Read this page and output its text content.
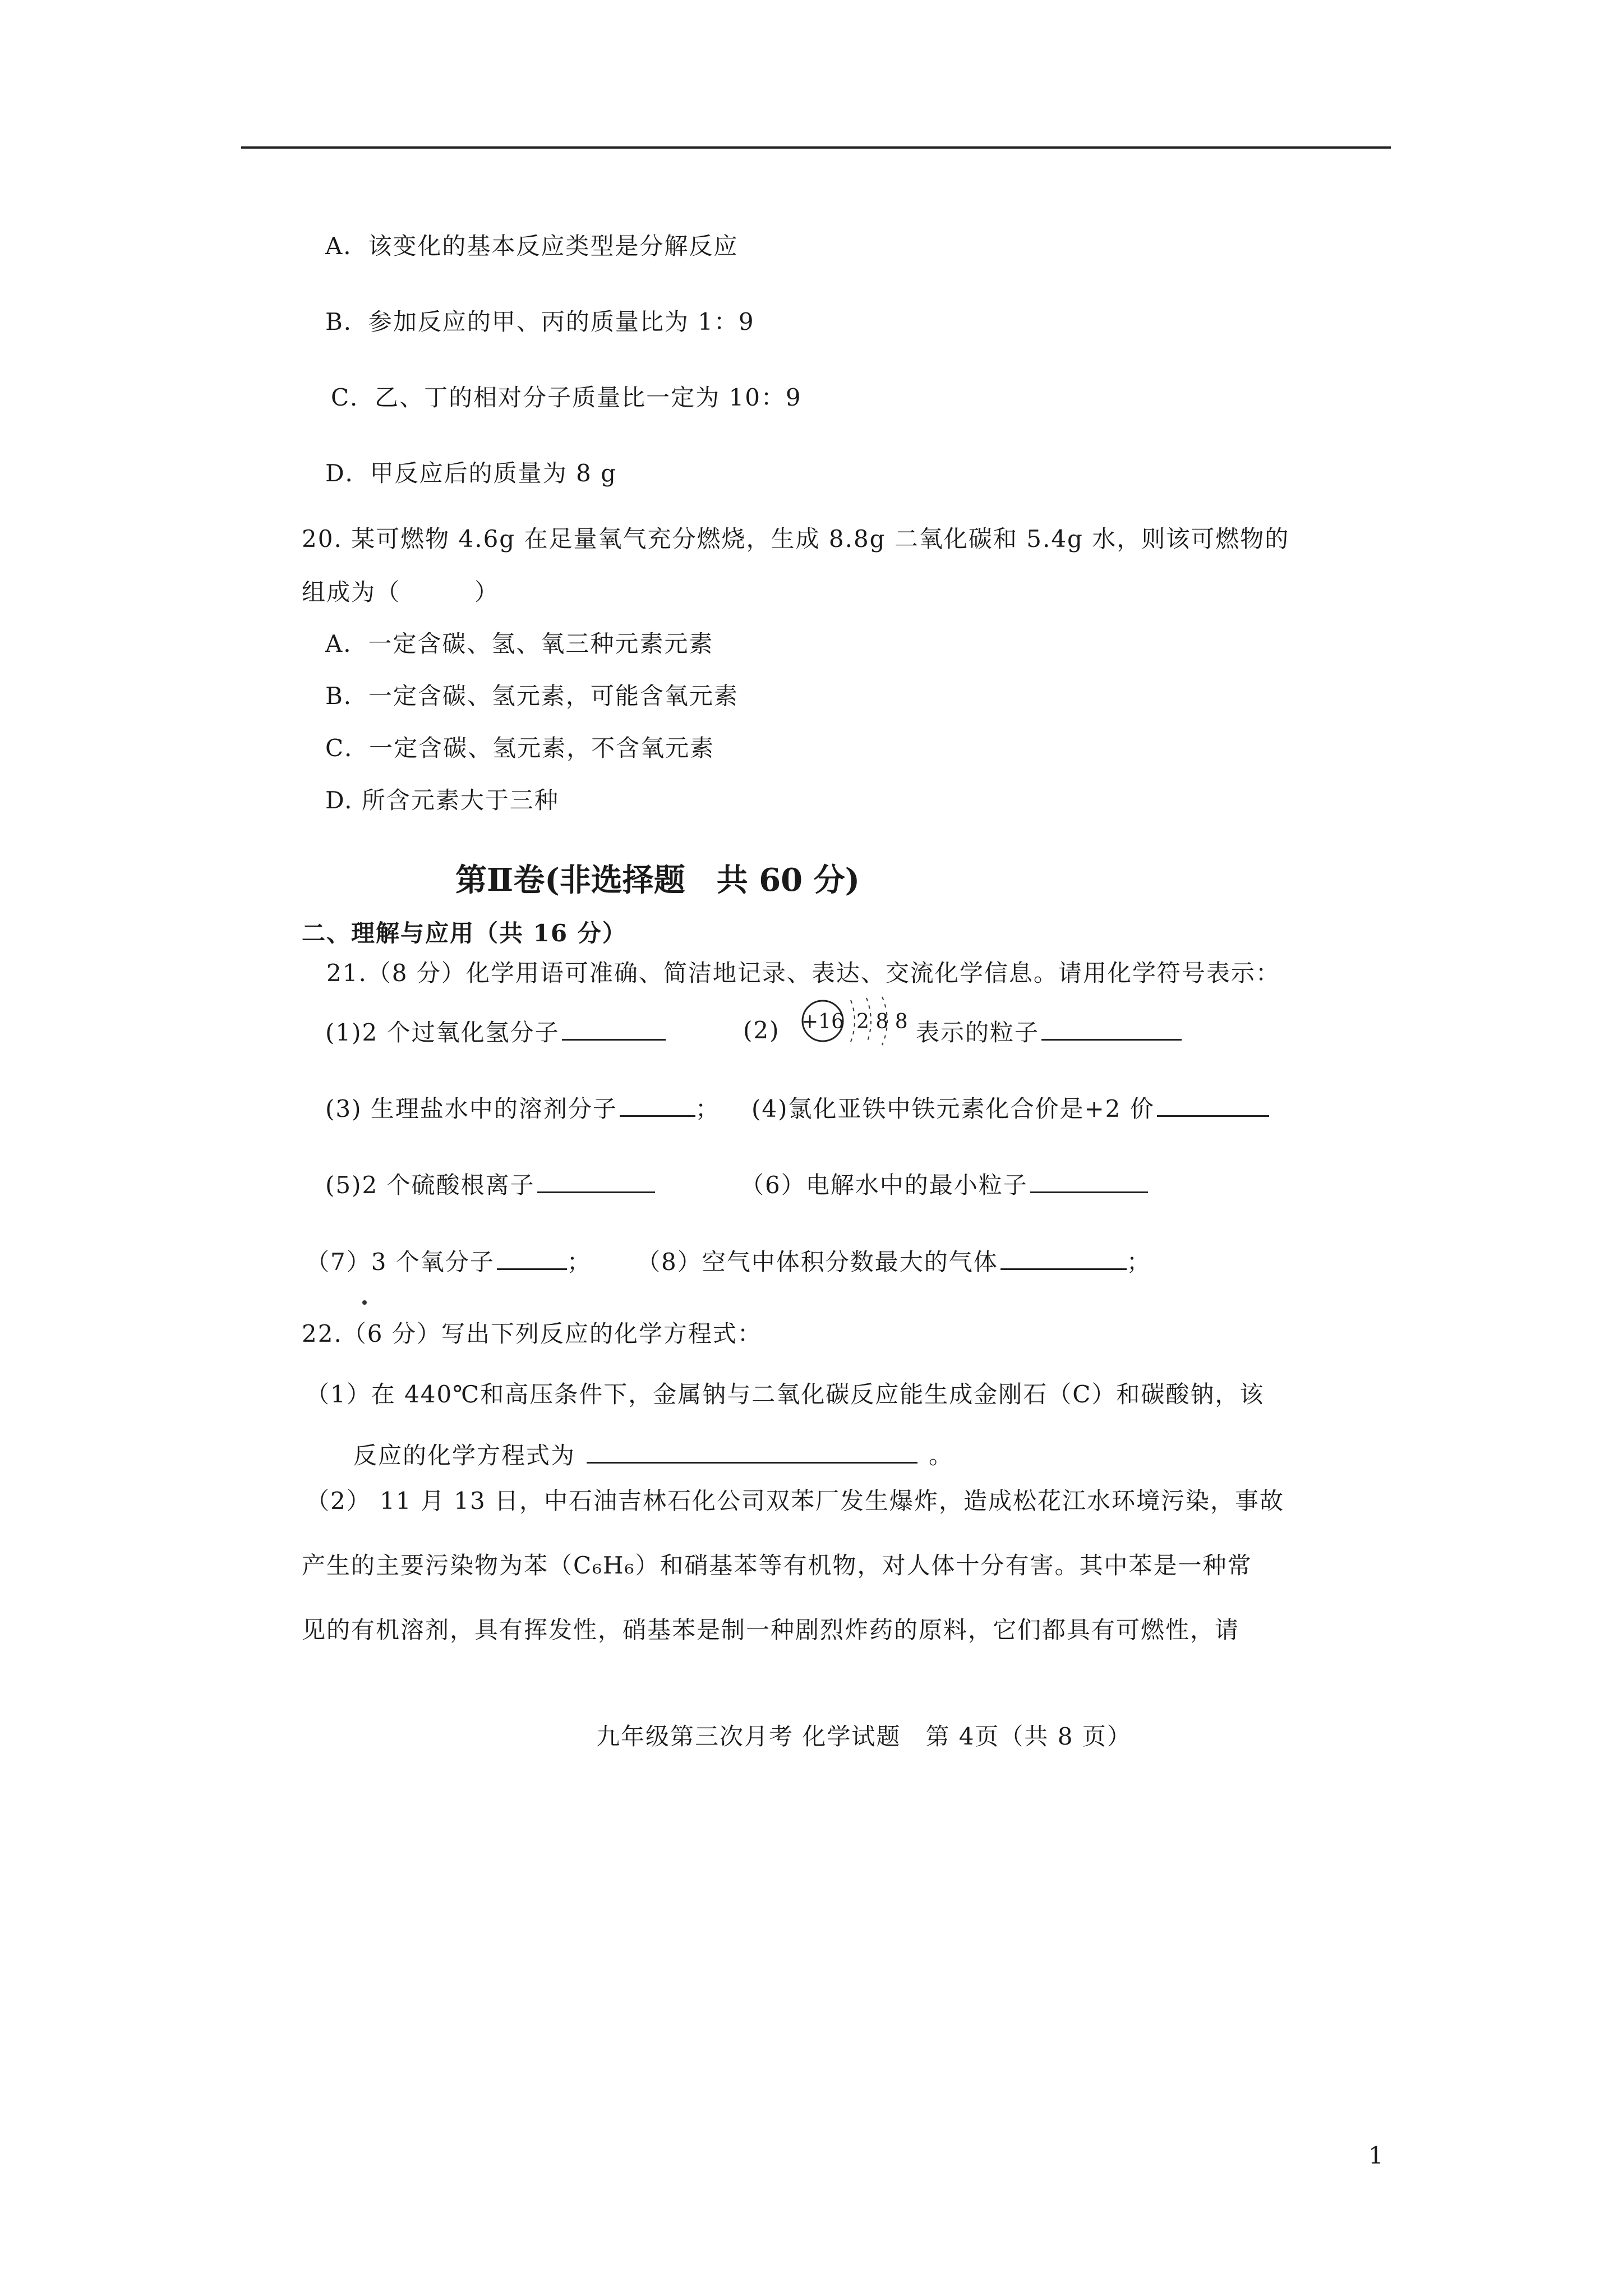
A．该变化的基本反应类型是分解反应
B．参加反应的甲、丙的质量比为 1：9
C．乙、丁的相对分子质量比一定为 10：9
D．甲反应后的质量为 8 g
20. 某可燃物 4.6g 在足量氧气充分燃烧，生成 8.8g 二氧化碳和 5.4g 水，则该可燃物的
组成为（　　　）
A．一定含碳、氢、氧三种元素元素
B．一定含碳、氢元素，可能含氧元素
C．一定含碳、氢元素，不含氧元素
D. 所含元素大于三种
第Ⅱ卷(非选择题　共 60 分)
二、理解与应用（共 16 分）
21.（8 分）化学用语可准确、简洁地记录、表达、交流化学信息。请用化学符号表示：
(1)2 个过氧化氢分子	(2) +16 2 8 8 表示的粒子
(3) 生理盐水中的溶剂分子	； (4)氯化亚铁中铁元素化合价是+2 价
(5)2 个硫酸根离子	（6）电解水中的最小粒子
（7）3 个氧分子	； （8）空气中体积分数最大的气体	；
22.（6 分）写出下列反应的化学方程式：
（1）在 440℃和高压条件下，金属钠与二氧化碳反应能生成金刚石（C）和碳酸钠，该
反应的化学方程式为	。
（2） 11 月 13 日，中石油吉林石化公司双苯厂发生爆炸，造成松花江水环境污染，事故
产生的主要污染物为苯（C₆H₆）和硝基苯等有机物，对人体十分有害。其中苯是一种常
见的有机溶剂，具有挥发性，硝基苯是制一种剧烈炸药的原料，它们都具有可燃性，请
九年级第三次月考 化学试题　第 4页（共 8 页）
1
